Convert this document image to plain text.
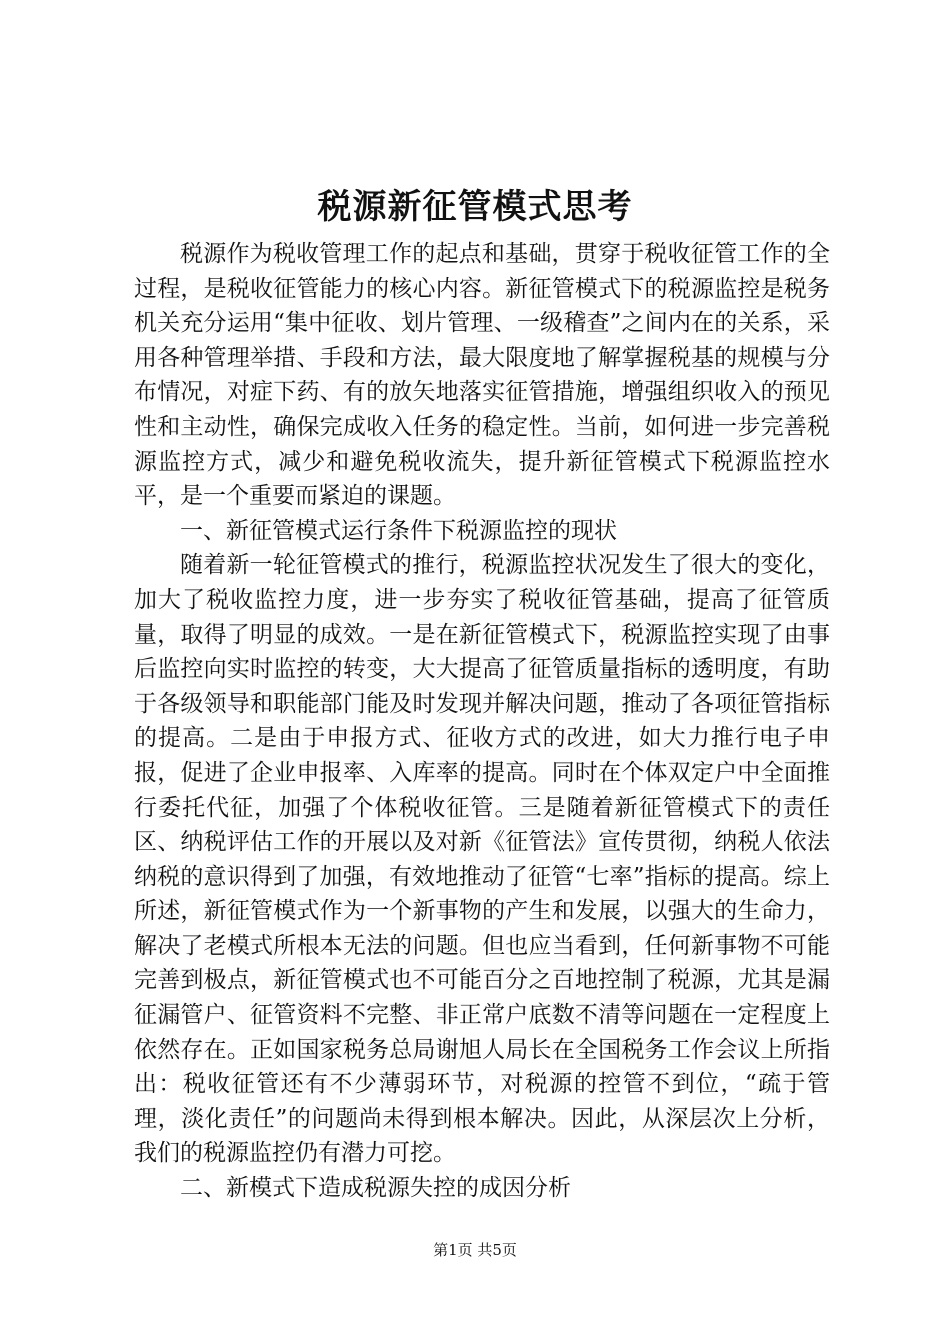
税源新征管模式思考

税源作为税收管理工作的起点和基础，贯穿于税收征管工作的全过程，是税收征管能力的核心内容。新征管模式下的税源监控是税务机关充分运用“集中征收、划片管理、一级稽查”之间内在的关系，采用各种管理举措、手段和方法，最大限度地了解掌握税基的规模与分布情况，对症下药、有的放矢地落实征管措施，增强组织收入的预见性和主动性，确保完成收入任务的稳定性。当前，如何进一步完善税源监控方式，减少和避免税收流失，提升新征管模式下税源监控水平，是一个重要而紧迫的课题。

一、新征管模式运行条件下税源监控的现状

随着新一轮征管模式的推行，税源监控状况发生了很大的变化，加大了税收监控力度，进一步夯实了税收征管基础，提高了征管质量，取得了明显的成效。一是在新征管模式下，税源监控实现了由事后监控向实时监控的转变，大大提高了征管质量指标的透明度，有助于各级领导和职能部门能及时发现并解决问题，推动了各项征管指标的提高。二是由于申报方式、征收方式的改进，如大力推行电子申报，促进了企业申报率、入库率的提高。同时在个体双定户中全面推行委托代征，加强了个体税收征管。三是随着新征管模式下的责任区、纳税评估工作的开展以及对新《征管法》宣传贯彻，纳税人依法纳税的意识得到了加强，有效地推动了征管“七率”指标的提高。综上所述，新征管模式作为一个新事物的产生和发展，以强大的生命力，解决了老模式所根本无法的问题。但也应当看到，任何新事物不可能完善到极点，新征管模式也不可能百分之百地控制了税源，尤其是漏征漏管户、征管资料不完整、非正常户底数不清等问题在一定程度上依然存在。正如国家税务总局谢旭人局长在全国税务工作会议上所指出：税收征管还有不少薄弱环节，对税源的控管不到位，“疏于管理，淡化责任”的问题尚未得到根本解决。因此，从深层次上分析，我们的税源监控仍有潜力可挖。

二、新模式下造成税源失控的成因分析

第1页 共5页
